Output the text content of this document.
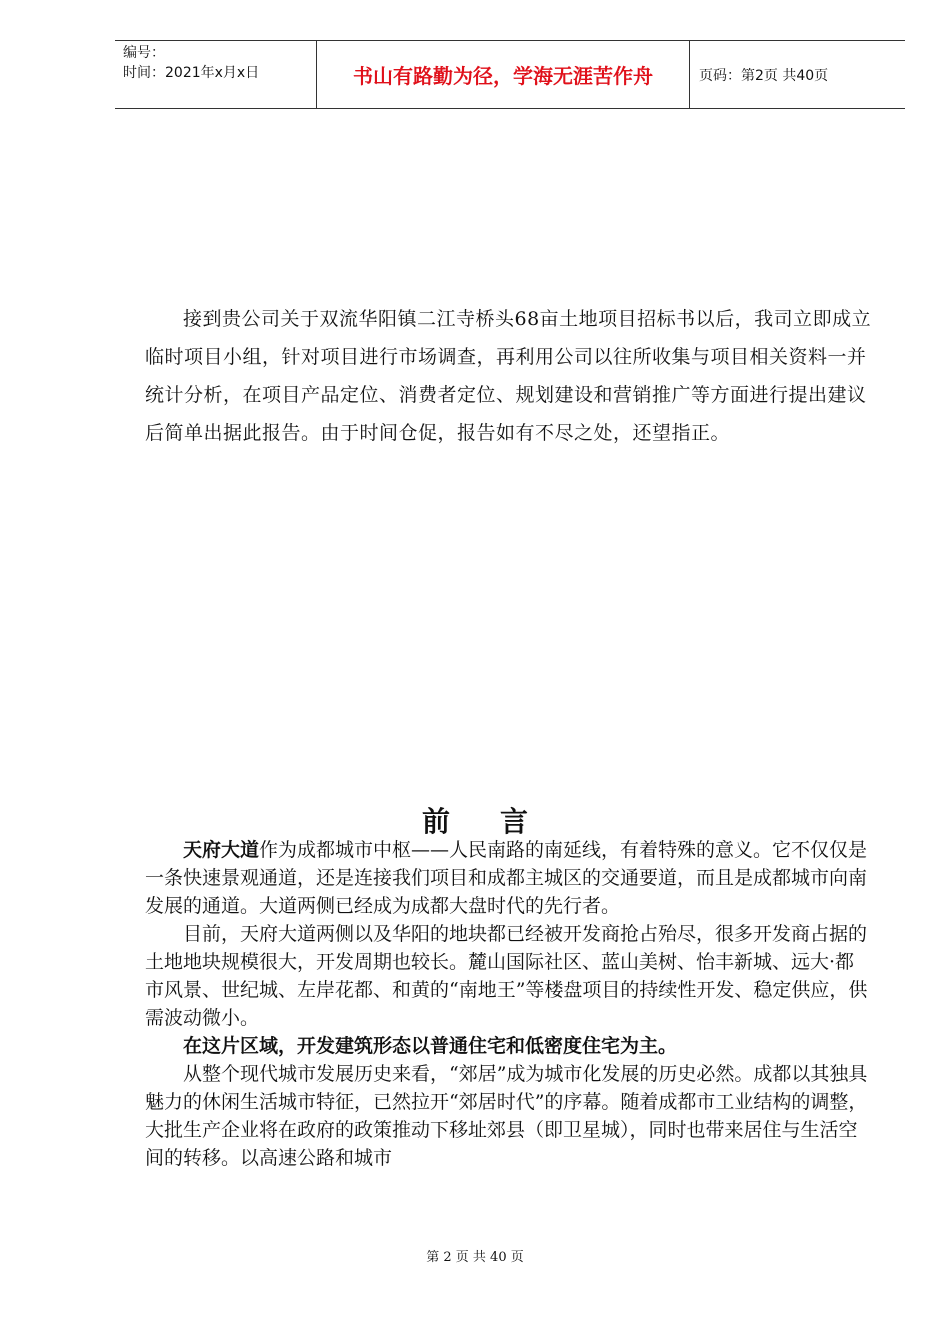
编号：
时间：2021年x月x日	书山有路勤为径，学海无涯苦作舟	页码：第2页 共40页

接到贵公司关于双流华阳镇二江寺桥头68亩土地项目招标书以后，我司立即成立临时项目小组，针对项目进行市场调查，再利用公司以往所收集与项目相关资料一并统计分析，在项目产品定位、消费者定位、规划建设和营销推广等方面进行提出建议后简单出据此报告。由于时间仓促，报告如有不尽之处，还望指正。

前言

天府大道作为成都城市中枢——人民南路的南延线，有着特殊的意义。它不仅仅是一条快速景观通道，还是连接我们项目和成都主城区的交通要道，而且是成都城市向南发展的通道。大道两侧已经成为成都大盘时代的先行者。

目前，天府大道两侧以及华阳的地块都已经被开发商抢占殆尽，很多开发商占据的土地地块规模很大，开发周期也较长。麓山国际社区、蓝山美树、怡丰新城、远大·都市风景、世纪城、左岸花都、和黄的“南地王”等楼盘项目的持续性开发、稳定供应，供需波动微小。

在这片区域，开发建筑形态以普通住宅和低密度住宅为主。

从整个现代城市发展历史来看，“郊居”成为城市化发展的历史必然。成都以其独具魅力的休闲生活城市特征，已然拉开“郊居时代”的序幕。随着成都市工业结构的调整，大批生产企业将在政府的政策推动下移址郊县（即卫星城），同时也带来居住与生活空间的转移。以高速公路和城市

第 2 页 共 40 页
